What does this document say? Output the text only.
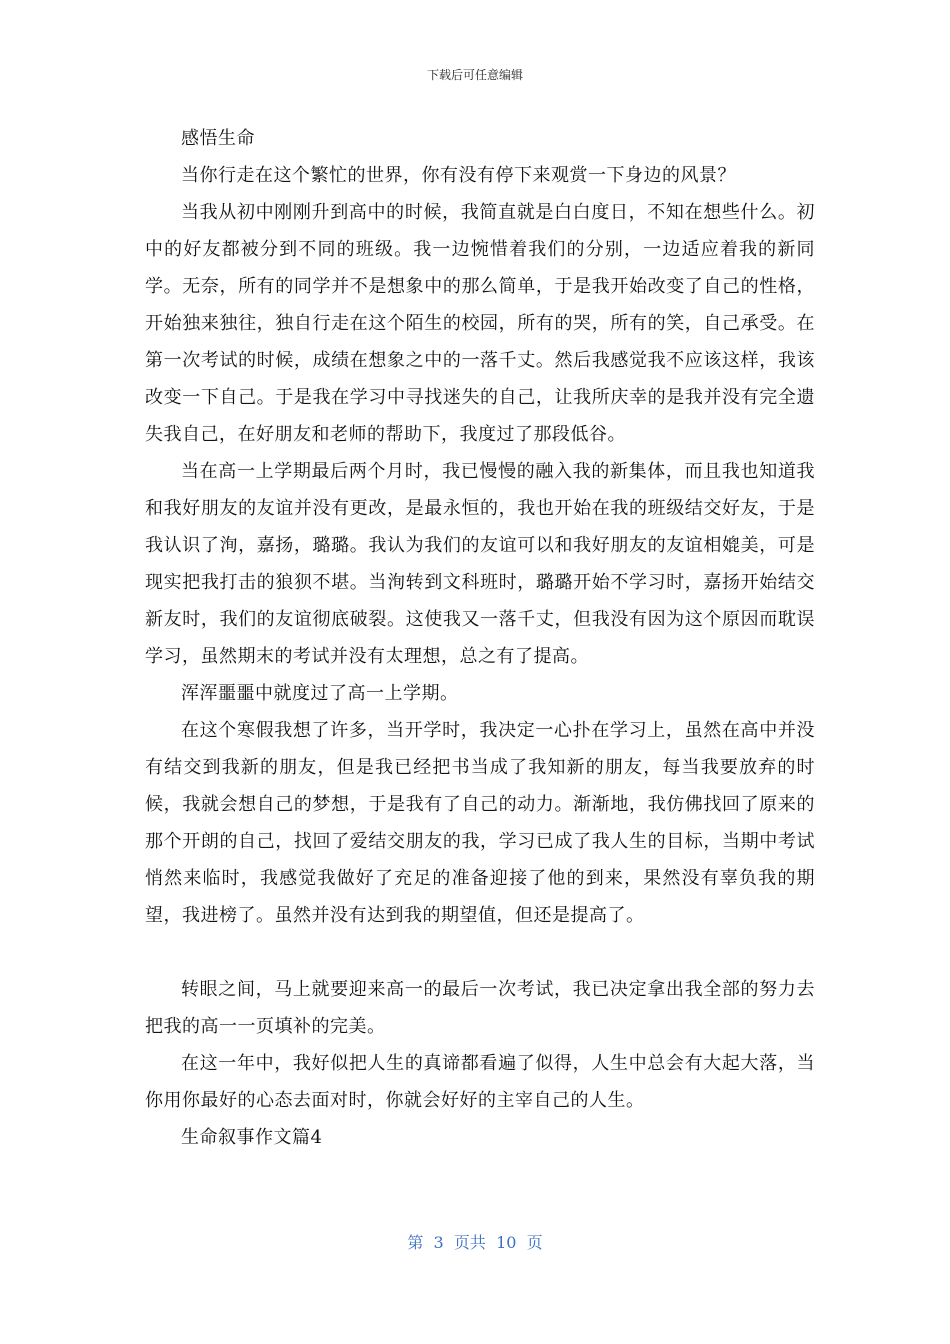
下载后可任意编辑

感悟生命

当你行走在这个繁忙的世界，你有没有停下来观赏一下身边的风景？

当我从初中刚刚升到高中的时候，我简直就是白白度日，不知在想些什么。初中的好友都被分到不同的班级。我一边惋惜着我们的分别，一边适应着我的新同学。无奈，所有的同学并不是想象中的那么简单，于是我开始改变了自己的性格，开始独来独往，独自行走在这个陌生的校园，所有的哭，所有的笑，自己承受。在第一次考试的时候，成绩在想象之中的一落千丈。然后我感觉我不应该这样，我该改变一下自己。于是我在学习中寻找迷失的自己，让我所庆幸的是我并没有完全遗失我自己，在好朋友和老师的帮助下，我度过了那段低谷。

当在高一上学期最后两个月时，我已慢慢的融入我的新集体，而且我也知道我和我好朋友的友谊并没有更改，是最永恒的，我也开始在我的班级结交好友，于是我认识了洵，嘉扬，璐璐。我认为我们的友谊可以和我好朋友的友谊相媲美，可是现实把我打击的狼狈不堪。当洵转到文科班时，璐璐开始不学习时，嘉扬开始结交新友时，我们的友谊彻底破裂。这使我又一落千丈，但我没有因为这个原因而耽误学习，虽然期末的考试并没有太理想，总之有了提高。

浑浑噩噩中就度过了高一上学期。

在这个寒假我想了许多，当开学时，我决定一心扑在学习上，虽然在高中并没有结交到我新的朋友，但是我已经把书当成了我知新的朋友，每当我要放弃的时候，我就会想自己的梦想，于是我有了自己的动力。渐渐地，我仿佛找回了原来的那个开朗的自己，找回了爱结交朋友的我，学习已成了我人生的目标，当期中考试悄然来临时，我感觉我做好了充足的准备迎接了他的到来，果然没有辜负我的期望，我进榜了。虽然并没有达到我的期望值，但还是提高了。

转眼之间，马上就要迎来高一的最后一次考试，我已决定拿出我全部的努力去把我的高一一页填补的完美。

在这一年中，我好似把人生的真谛都看遍了似得，人生中总会有大起大落，当你用你最好的心态去面对时，你就会好好的主宰自己的人生。

生命叙事作文篇4

第  3  页共  10  页
